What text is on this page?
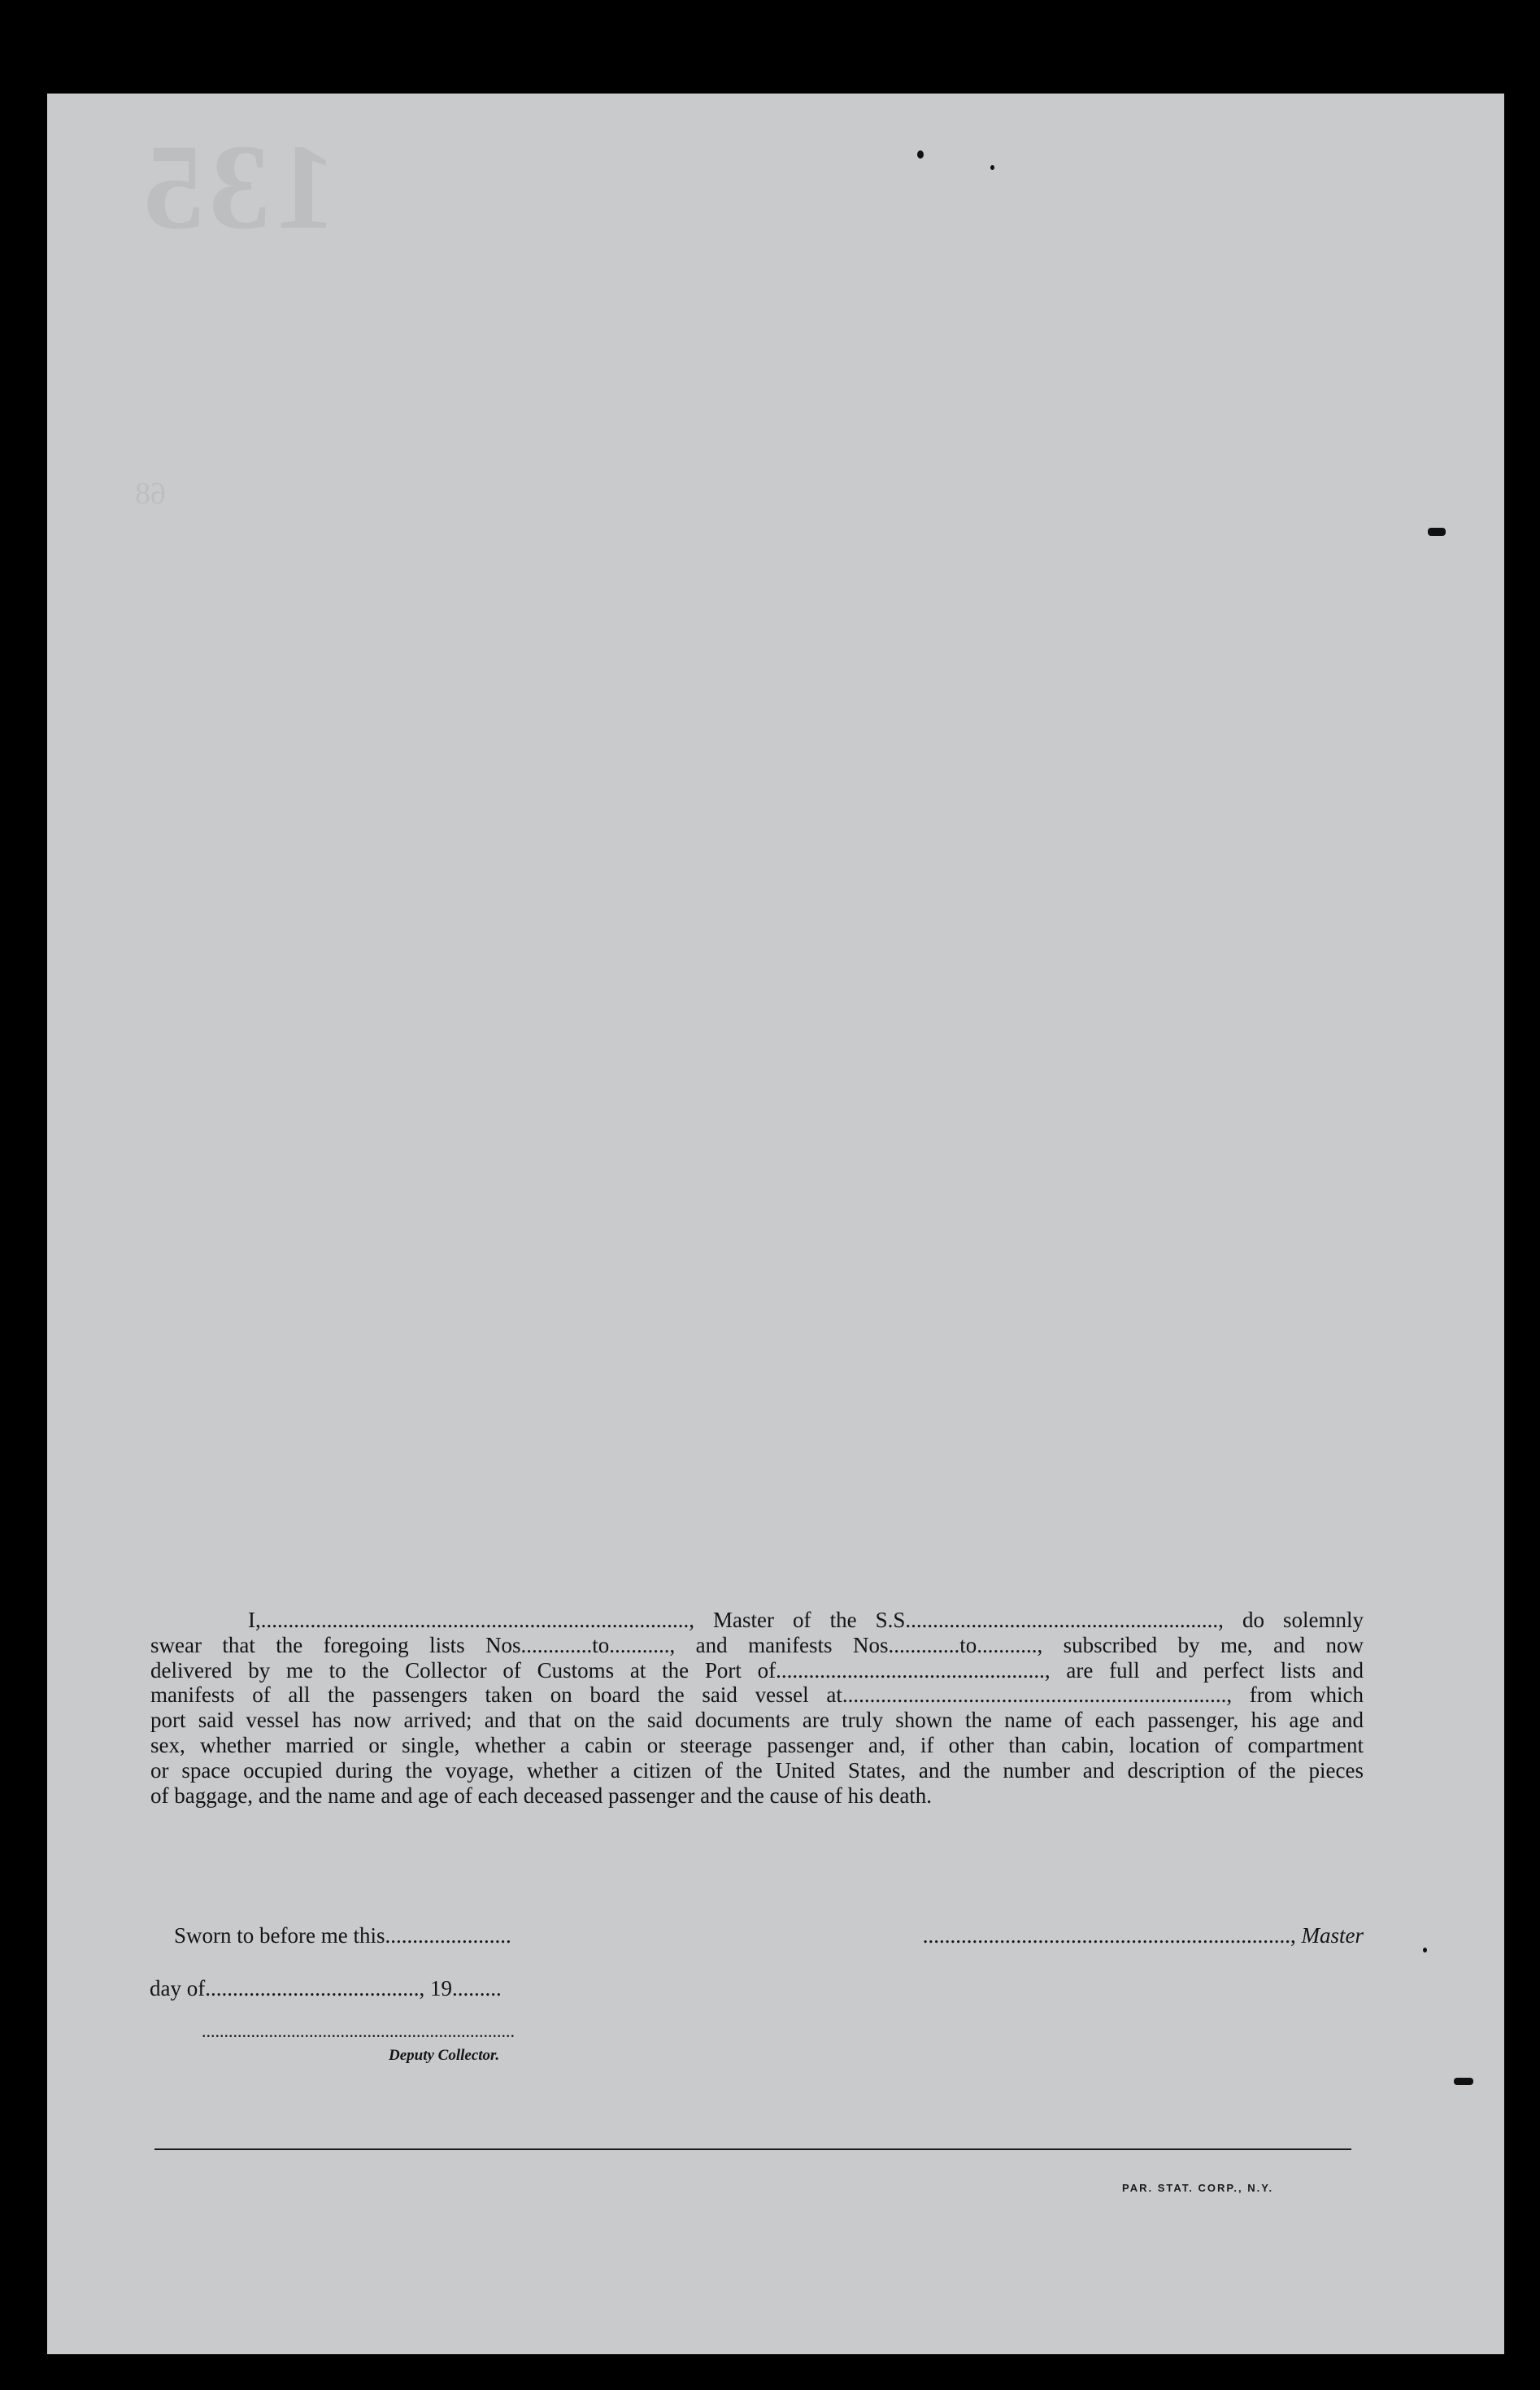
135
68
I,.............................................................................., Master of the S.S........................................................., do solemnly
swear that the foregoing lists Nos.............to..........., and manifests Nos.............to..........., subscribed by me, and now
delivered by me to the Collector of Customs at the Port of................................................., are full and perfect lists and
manifests of all the passengers taken on board the said vessel at......................................................................, from which
port said vessel has now arrived; and that on the said documents are truly shown the name of each passenger, his age and
sex, whether married or single, whether a cabin or steerage passenger and, if other than cabin, location of compartment
or space occupied during the voyage, whether a citizen of the United States, and the number and description of the pieces
of baggage, and the name and age of each deceased passenger and the cause of his death.
Sworn to before me this.......................	..................................................................., Master
day of......................................., 19.........
......................................................................
Deputy Collector.
PAR. STAT. CORP., N.Y.
